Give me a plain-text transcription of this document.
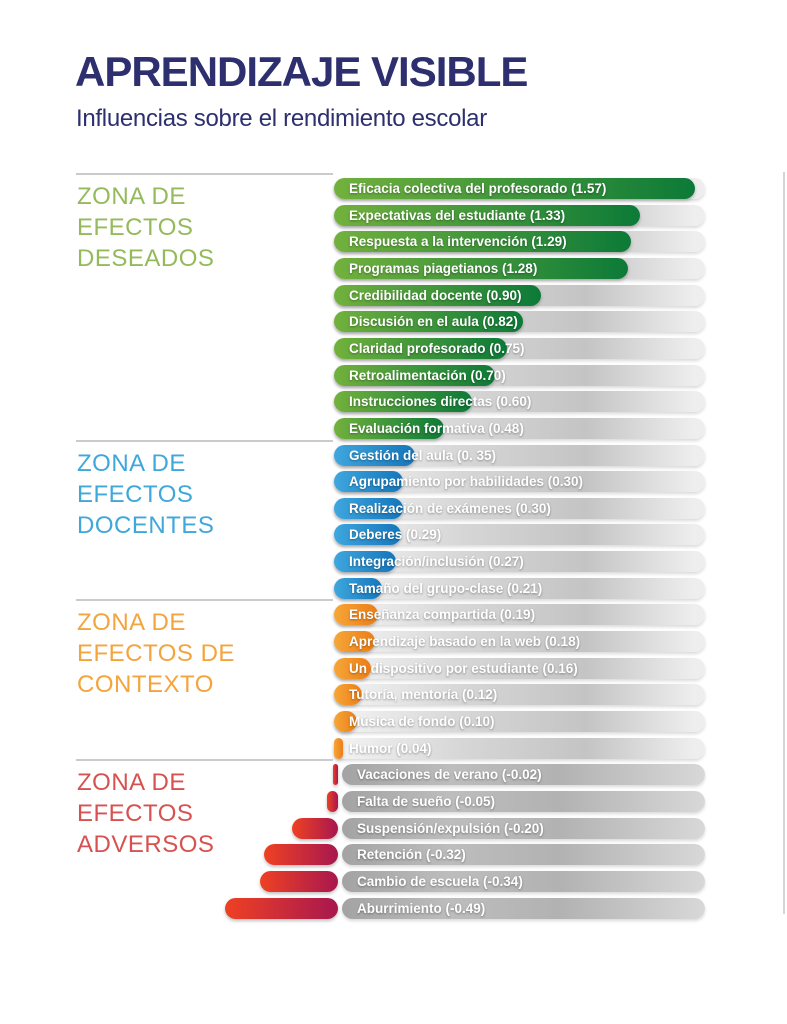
APRENDIZAJE VISIBLE
Influencias sobre el rendimiento escolar
ZONA DE
EFECTOS
DESEADOS
Eficacia colectiva del profesorado (1.57)
Expectativas del estudiante (1.33)
Respuesta a la intervención (1.29)
Programas piagetianos (1.28)
Credibilidad docente (0.90)
Discusión en el aula (0.82)
Claridad profesorado (0.75)
Retroalimentación (0.70)
Instrucciones directas (0.60)
Evaluación formativa (0.48)
ZONA DE
EFECTOS
DOCENTES
Gestión del aula (0. 35)
Agrupamiento por habilidades (0.30)
Realización de exámenes (0.30)
Deberes (0.29)
Integración/inclusión (0.27)
Tamaño del grupo-clase (0.21)
ZONA DE
EFECTOS DE
CONTEXTO
Enseñanza compartida (0.19)
Aprendizaje basado en la web (0.18)
Un dispositivo por estudiante (0.16)
Tutoría, mentoría (0.12)
Música de fondo (0.10)
Humor (0.04)
ZONA DE
EFECTOS
ADVERSOS
Vacaciones de verano (-0.02)
Falta de sueño (-0.05)
Suspensión/expulsión (-0.20)
Retención (-0.32)
Cambio de escuela (-0.34)
Aburrimiento (-0.49)
